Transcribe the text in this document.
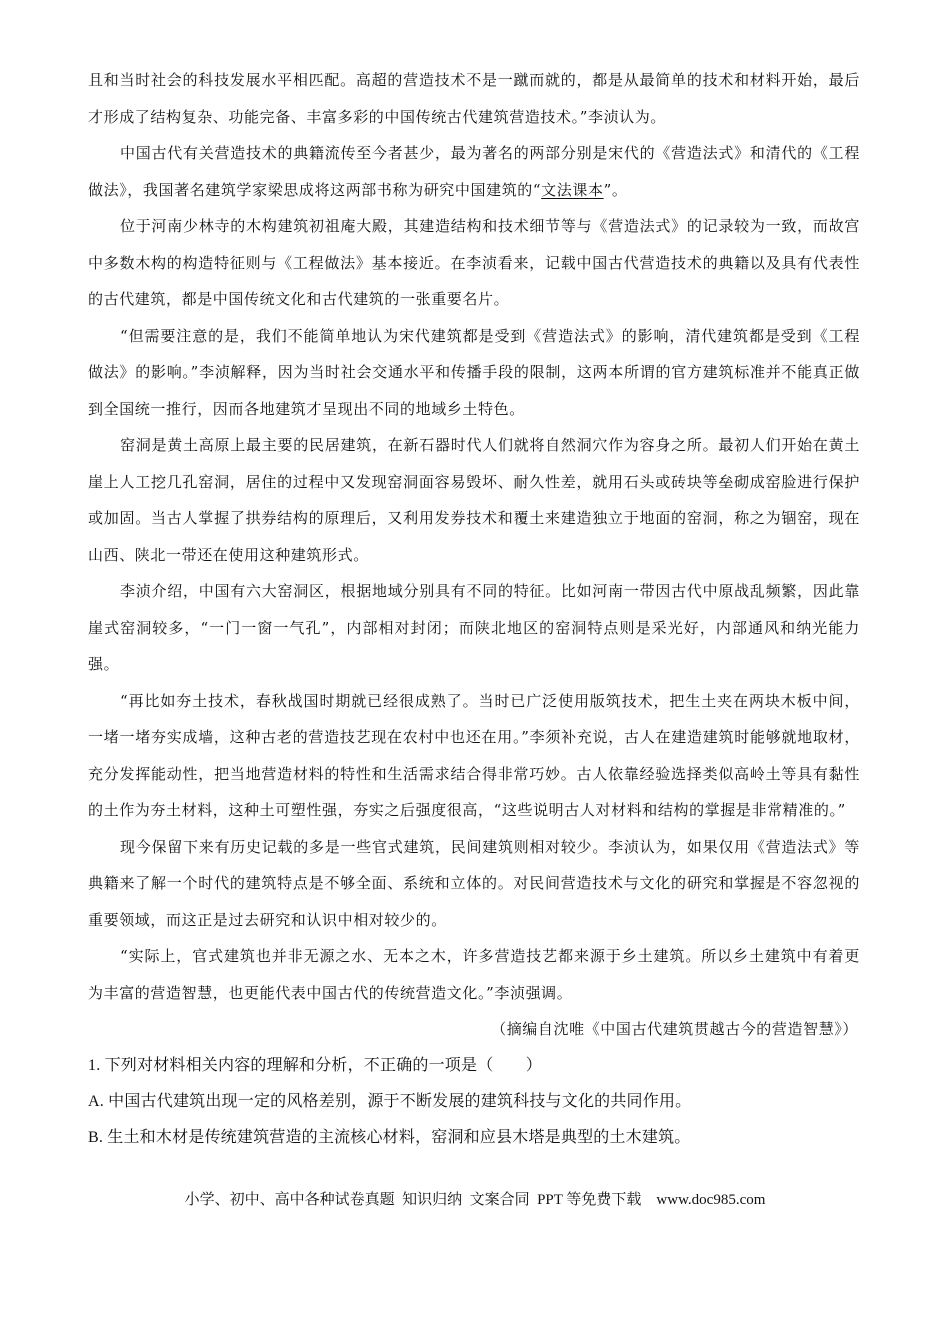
且和当时社会的科技发展水平相匹配。高超的营造技术不是一蹴而就的，都是从最简单的技术和材料开始，最后才形成了结构复杂、功能完备、丰富多彩的中国传统古代建筑营造技术。”李浈认为。

中国古代有关营造技术的典籍流传至今者甚少，最为著名的两部分别是宋代的《营造法式》和清代的《工程做法》，我国著名建筑学家梁思成将这两部书称为研究中国建筑的“文法课本”。

位于河南少林寺的木构建筑初祖庵大殿，其建造结构和技术细节等与《营造法式》的记录较为一致，而故宫中多数木构的构造特征则与《工程做法》基本接近。在李浈看来，记载中国古代营造技术的典籍以及具有代表性的古代建筑，都是中国传统文化和古代建筑的一张重要名片。

“但需要注意的是，我们不能简单地认为宋代建筑都是受到《营造法式》的影响，清代建筑都是受到《工程做法》的影响。”李浈解释，因为当时社会交通水平和传播手段的限制，这两本所谓的官方建筑标准并不能真正做到全国统一推行，因而各地建筑才呈现出不同的地域乡土特色。

窑洞是黄土高原上最主要的民居建筑，在新石器时代人们就将自然洞穴作为容身之所。最初人们开始在黄土崖上人工挖几孔窑洞，居住的过程中又发现窑洞面容易毁坏、耐久性差，就用石头或砖块等垒砌成窑脸进行保护或加固。当古人掌握了拱券结构的原理后，又利用发券技术和覆土来建造独立于地面的窑洞，称之为锢窑，现在山西、陕北一带还在使用这种建筑形式。

李浈介绍，中国有六大窑洞区，根据地域分别具有不同的特征。比如河南一带因古代中原战乱频繁，因此靠崖式窑洞较多，“一门一窗一气孔”，内部相对封闭；而陕北地区的窑洞特点则是采光好，内部通风和纳光能力强。

“再比如夯土技术，春秋战国时期就已经很成熟了。当时已广泛使用版筑技术，把生土夹在两块木板中间，一堵一堵夯实成墙，这种古老的营造技艺现在农村中也还在用。”李须补充说，古人在建造建筑时能够就地取材，充分发挥能动性，把当地营造材料的特性和生活需求结合得非常巧妙。古人依靠经验选择类似高岭土等具有黏性的土作为夯土材料，这种土可塑性强，夯实之后强度很高，“这些说明古人对材料和结构的掌握是非常精准的。”

现今保留下来有历史记载的多是一些官式建筑，民间建筑则相对较少。李浈认为，如果仅用《营造法式》等典籍来了解一个时代的建筑特点是不够全面、系统和立体的。对民间营造技术与文化的研究和掌握是不容忽视的重要领域，而这正是过去研究和认识中相对较少的。

“实际上，官式建筑也并非无源之水、无本之木，许多营造技艺都来源于乡土建筑。所以乡土建筑中有着更为丰富的营造智慧，也更能代表中国古代的传统营造文化。”李浈强调。

（摘编自沈唯《中国古代建筑贯越古今的营造智慧》）

1. 下列对材料相关内容的理解和分析，不正确的一项是（　　）

A. 中国古代建筑出现一定的风格差别，源于不断发展的建筑科技与文化的共同作用。

B. 生土和木材是传统建筑营造的主流核心材料，窑洞和应县木塔是典型的土木建筑。

小学、初中、高中各种试卷真题  知识归纳  文案合同  PPT 等免费下载    www.doc985.com
